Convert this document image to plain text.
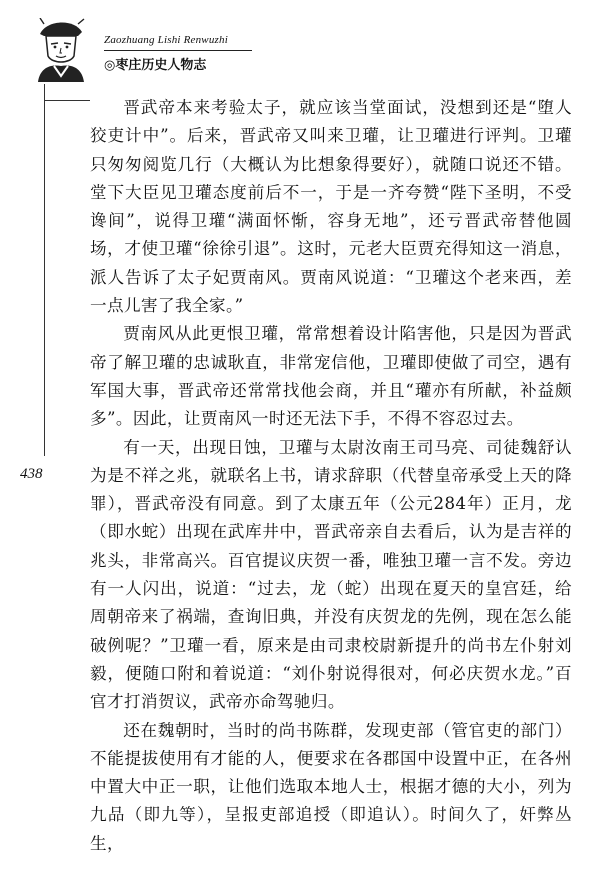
Zaozhuang Lishi Renwuzhi
◎枣庄历史人物志
438

晋武帝本来考验太子，就应该当堂面试，没想到还是“堕人狡吏计中”。后来，晋武帝又叫来卫瓘，让卫瓘进行评判。卫瓘只匆匆阅览几行（大概认为比想象得要好），就随口说还不错。堂下大臣见卫瓘态度前后不一，于是一齐夸赞“陛下圣明，不受谗间”，说得卫瓘“满面怀惭，容身无地”，还亏晋武帝替他圆场，才使卫瓘“徐徐引退”。这时，元老大臣贾充得知这一消息，派人告诉了太子妃贾南风。贾南风说道：“卫瓘这个老来西，差一点儿害了我全家。”

贾南风从此更恨卫瓘，常常想着设计陷害他，只是因为晋武帝了解卫瓘的忠诚耿直，非常宠信他，卫瓘即使做了司空，遇有军国大事，晋武帝还常常找他会商，并且“瓘亦有所献，补益颇多”。因此，让贾南风一时还无法下手，不得不容忍过去。

有一天，出现日蚀，卫瓘与太尉汝南王司马亮、司徒魏舒认为是不祥之兆，就联名上书，请求辞职（代替皇帝承受上天的降罪），晋武帝没有同意。到了太康五年（公元284年）正月，龙（即水蛇）出现在武库井中，晋武帝亲自去看后，认为是吉祥的兆头，非常高兴。百官提议庆贺一番，唯独卫瓘一言不发。旁边有一人闪出，说道：“过去，龙（蛇）出现在夏天的皇宫廷，给周朝帝来了祸端，查询旧典，并没有庆贺龙的先例，现在怎么能破例呢？”卫瓘一看，原来是由司隶校尉新提升的尚书左仆射刘毅，便随口附和着说道：“刘仆射说得很对，何必庆贺水龙。”百官才打消贺议，武帝亦命驾驰归。

还在魏朝时，当时的尚书陈群，发现吏部（管官吏的部门）不能提拔使用有才能的人，便要求在各郡国中设置中正，在各州中置大中正一职，让他们选取本地人士，根据才德的大小，列为九品（即九等），呈报吏部追授（即追认）。时间久了，奸弊丛生，
